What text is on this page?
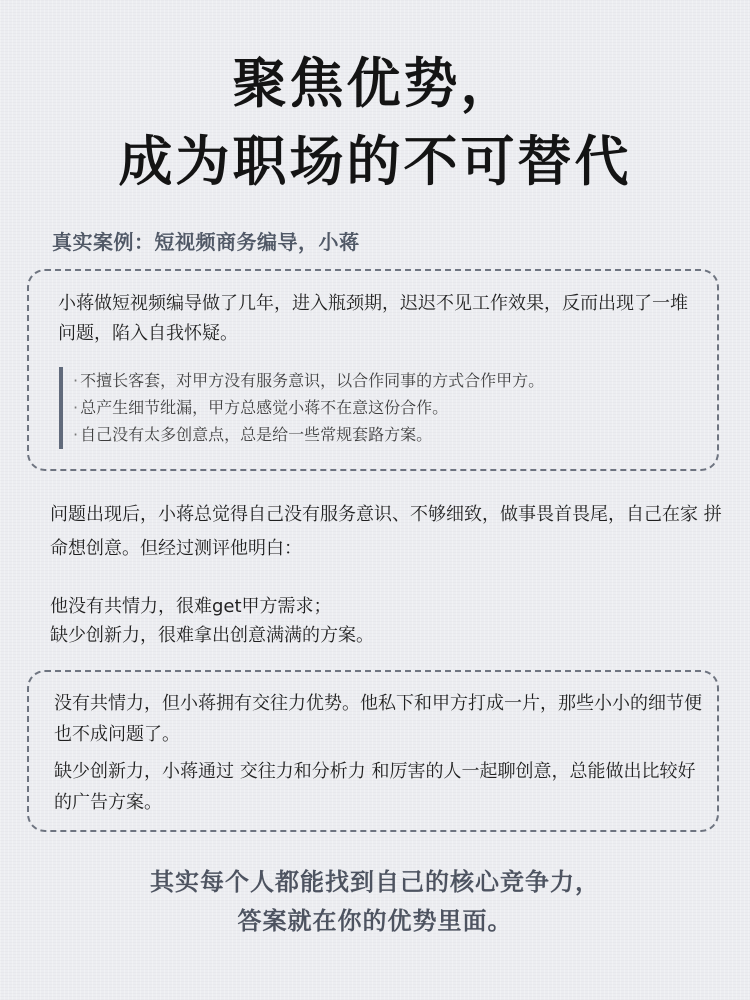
聚焦优势，
成为职场的不可替代
真实案例：短视频商务编导，小蒋

小蒋做短视频编导做了几年，进入瓶颈期，迟迟不见工作效果，反而出现了一堆问题，陷入自我怀疑。

· 不擅长客套，对甲方没有服务意识，以合作同事的方式合作甲方。
· 总产生细节纰漏，甲方总感觉小蒋不在意这份合作。
· 自己没有太多创意点，总是给一些常规套路方案。

问题出现后，小蒋总觉得自己没有服务意识、不够细致，做事畏首畏尾，自己在家 拼命想创意。但经过测评他明白：

他没有共情力，很难get甲方需求；
缺少创新力，很难拿出创意满满的方案。

没有共情力，但小蒋拥有交往力优势。他私下和甲方打成一片，那些小小的细节便也不成问题了。

缺少创新力，小蒋通过 交往力和分析力 和厉害的人一起聊创意，总能做出比较好的广告方案。

其实每个人都能找到自己的核心竞争力，
答案就在你的优势里面。
